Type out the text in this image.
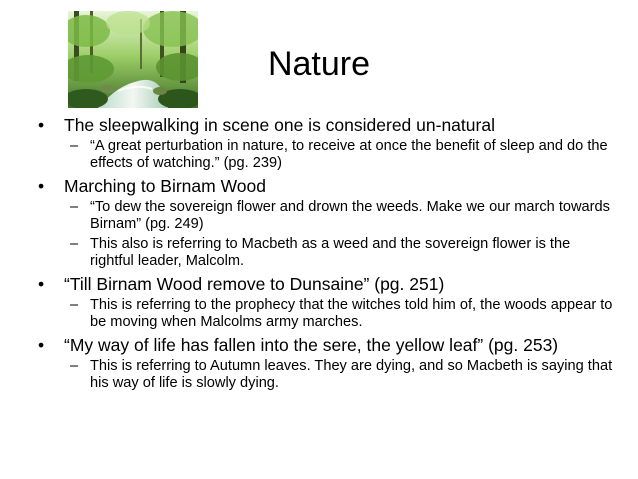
Nature
• The sleepwalking in scene one is considered un-natural
– “A great perturbation in nature, to receive at once the benefit of sleep and do the effects of watching.” (pg. 239)
• Marching to Birnam Wood
– “To dew the sovereign flower and drown the weeds. Make we our march towards Birnam” (pg. 249)
– This also is referring to Macbeth as a weed and the sovereign flower is the rightful leader, Malcolm.
• “Till Birnam Wood remove to Dunsaine” (pg. 251)
– This is referring to the prophecy that the witches told him of, the woods appear to be moving when Malcolms army marches.
• “My way of life has fallen into the sere, the yellow leaf” (pg. 253)
– This is referring to Autumn leaves. They are dying, and so Macbeth is saying that his way of life is slowly dying.
